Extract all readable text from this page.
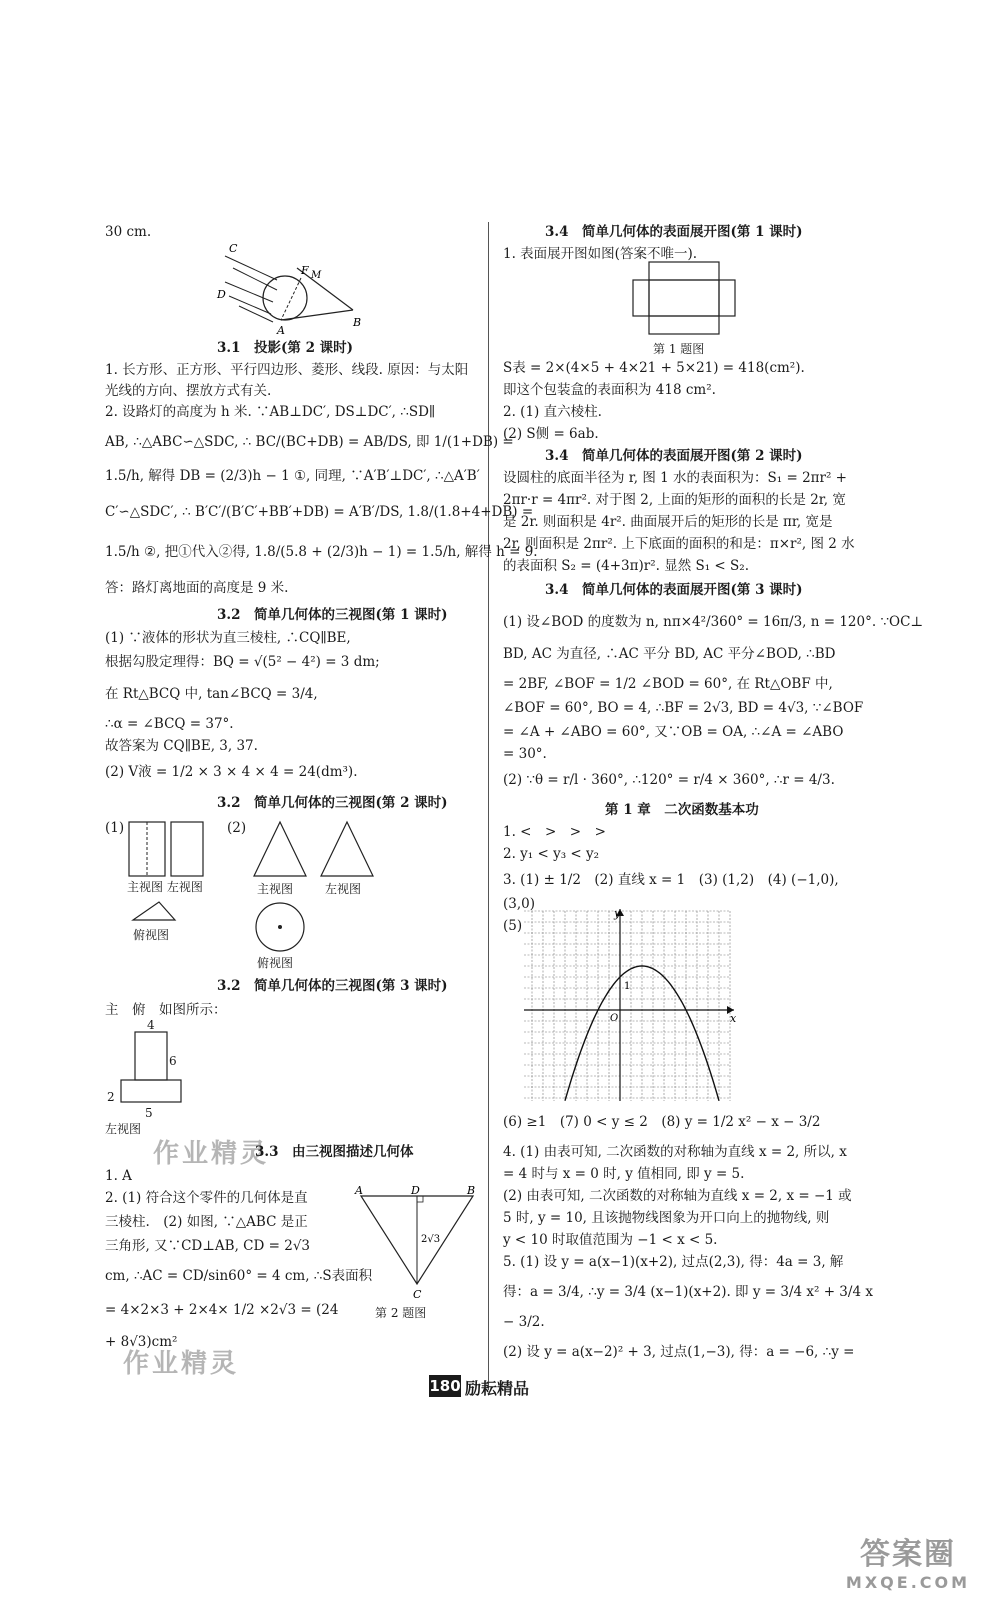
30 cm.
C
F M
D
A
B
3.1　投影(第 2 课时)
1. 长方形、正方形、平行四边形、菱形、线段. 原因：与太阳
光线的方向、摆放方式有关.
2. 设路灯的高度为 h 米. ∵AB⊥DC′, DS⊥DC′, ∴SD∥
AB, ∴△ABC∽△SDC, ∴ BC/(BC+DB) = AB/DS, 即 1/(1+DB) =
1.5/h, 解得 DB = (2/3)h − 1 ①, 同理, ∵A′B′⊥DC′, ∴△A′B′
C′∽△SDC′, ∴ B′C′/(B′C′+BB′+DB) = A′B′/DS, 1.8/(1.8+4+DB) =
1.5/h ②, 把①代入②得, 1.8/(5.8 + (2/3)h − 1) = 1.5/h, 解得 h = 9.
答：路灯离地面的高度是 9 米.
3.2　简单几何体的三视图(第 1 课时)
(1) ∵液体的形状为直三棱柱, ∴CQ∥BE,
根据勾股定理得：BQ = √(5² − 4²) = 3 dm;
在 Rt△BCQ 中, tan∠BCQ = 3/4,
∴α = ∠BCQ = 37°.
故答案为 CQ∥BE, 3, 37.
(2) V液 = 1/2 × 3 × 4 × 4 = 24(dm³).
3.2　简单几何体的三视图(第 2 课时)
(1)	(2)
主视图 左视图
俯视图
主视图	左视图
俯视图
3.2　简单几何体的三视图(第 3 课时)
主　俯　如图所示：
4
6
2
5
左视图
作业精灵
3.3　由三视图描述几何体
1. A
2. (1) 符合这个零件的几何体是直
三棱柱.　(2) 如图, ∵△ABC 是正
三角形, 又∵CD⊥AB, CD = 2√3
cm, ∴AC = CD/sin60° = 4 cm, ∴S表面积
= 4×2×3 + 2×4× 1/2 ×2√3 = (24
+ 8√3)cm²
作业精灵
A	D	B
C
2√3
第 2 题图
3.4　简单几何体的表面展开图(第 1 课时)
1. 表面展开图如图(答案不唯一).
第 1 题图
S表 = 2×(4×5 + 4×21 + 5×21) = 418(cm²).
即这个包装盒的表面积为 418 cm².
2. (1) 直六棱柱.
(2) S侧 = 6ab.
3.4　简单几何体的表面展开图(第 2 课时)
设圆柱的底面半径为 r, 图 1 水的表面积为：S₁ = 2πr² +
2πr·r = 4πr². 对于图 2, 上面的矩形的面积的长是 2r, 宽
是 2r. 则面积是 4r². 曲面展开后的矩形的长是 πr, 宽是
2r, 则面积是 2πr². 上下底面的面积的和是：π×r², 图 2 水
的表面积 S₂ = (4+3π)r². 显然 S₁ < S₂.
3.4　简单几何体的表面展开图(第 3 课时)
(1) 设∠BOD 的度数为 n, nπ×4²/360° = 16π/3, n = 120°. ∵OC⊥
BD, AC 为直径, ∴AC 平分 BD, AC 平分∠BOD, ∴BD
= 2BF, ∠BOF = 1/2 ∠BOD = 60°, 在 Rt△OBF 中,
∠BOF = 60°, BO = 4, ∴BF = 2√3, BD = 4√3, ∵∠BOF
= ∠A + ∠ABO = 60°, 又∵OB = OA, ∴∠A = ∠ABO
= 30°.
(2) ∵θ = r/l · 360°, ∴120° = r/4 × 360°, ∴r = 4/3.
第 1 章　二次函数基本功
1. <　>　>　>
2. y₁ < y₃ < y₂
3. (1) ± 1/2　(2) 直线 x = 1　(3) (1,2)　(4) (−1,0),
(3,0)
(5)
y
x
O
1
(6) ≥1　(7) 0 < y ≤ 2　(8) y = 1/2 x² − x − 3/2
4. (1) 由表可知, 二次函数的对称轴为直线 x = 2, 所以, x
= 4 时与 x = 0 时, y 值相同, 即 y = 5.
(2) 由表可知, 二次函数的对称轴为直线 x = 2, x = −1 或
5 时, y = 10, 且该抛物线图象为开口向上的抛物线, 则
y < 10 时取值范围为 −1 < x < 5.
5. (1) 设 y = a(x−1)(x+2), 过点(2,3), 得：4a = 3, 解
得：a = 3/4, ∴y = 3/4 (x−1)(x+2). 即 y = 3/4 x² + 3/4 x
− 3/2.
(2) 设 y = a(x−2)² + 3, 过点(1,−3), 得：a = −6, ∴y =
180 励耘精品
答案圈
MXQE.COM
